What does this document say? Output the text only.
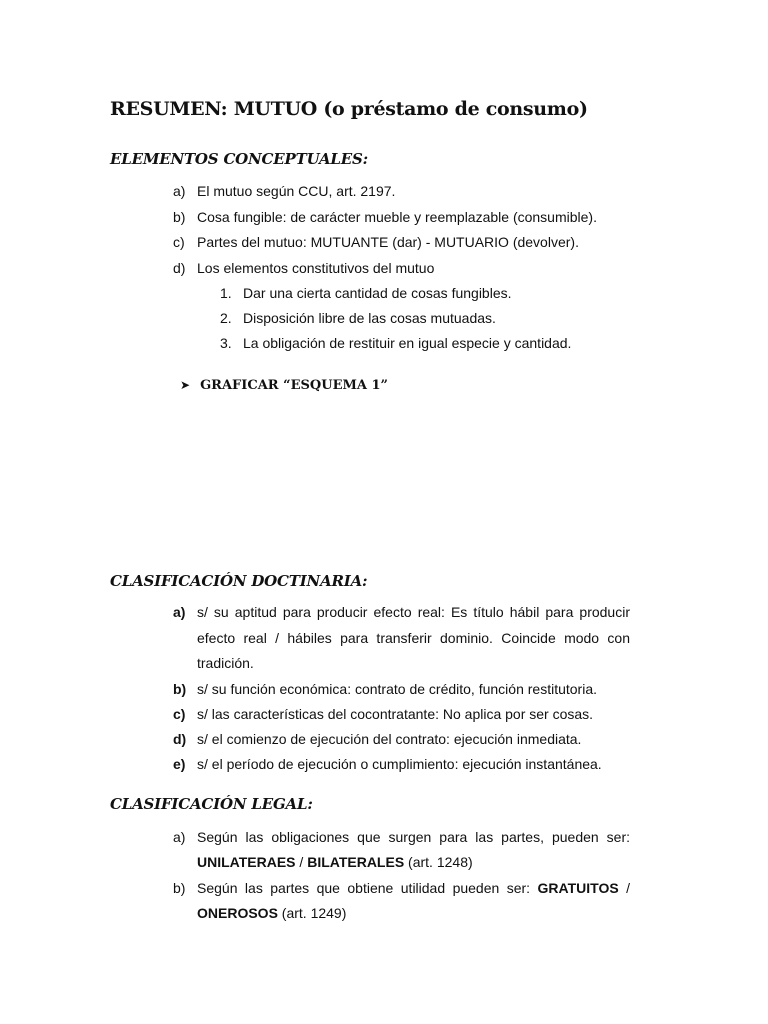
RESUMEN: MUTUO (o préstamo de consumo)
ELEMENTOS CONCEPTUALES:
a) El mutuo según CCU, art. 2197.
b) Cosa fungible: de carácter mueble y reemplazable (consumible).
c) Partes del mutuo: MUTUANTE (dar) - MUTUARIO (devolver).
d) Los elementos constitutivos del mutuo
1. Dar una cierta cantidad de cosas fungibles.
2. Disposición libre de las cosas mutuadas.
3. La obligación de restituir en igual especie y cantidad.
➤ GRAFICAR “ESQUEMA 1”
CLASIFICACIÓN DOCTINARIA:
a) s/ su aptitud para producir efecto real: Es título hábil para producir
efecto real / hábiles para transferir dominio. Coincide modo con
tradición.
b) s/ su función económica: contrato de crédito, función restitutoria.
c) s/ las características del cocontratante: No aplica por ser cosas.
d) s/ el comienzo de ejecución del contrato: ejecución inmediata.
e) s/ el período de ejecución o cumplimiento: ejecución instantánea.
CLASIFICACIÓN LEGAL:
a) Según las obligaciones que surgen para las partes, pueden ser:
UNILATERAES / BILATERALES (art. 1248)
b) Según las partes que obtiene utilidad pueden ser: GRATUITOS /
ONEROSOS (art. 1249)
